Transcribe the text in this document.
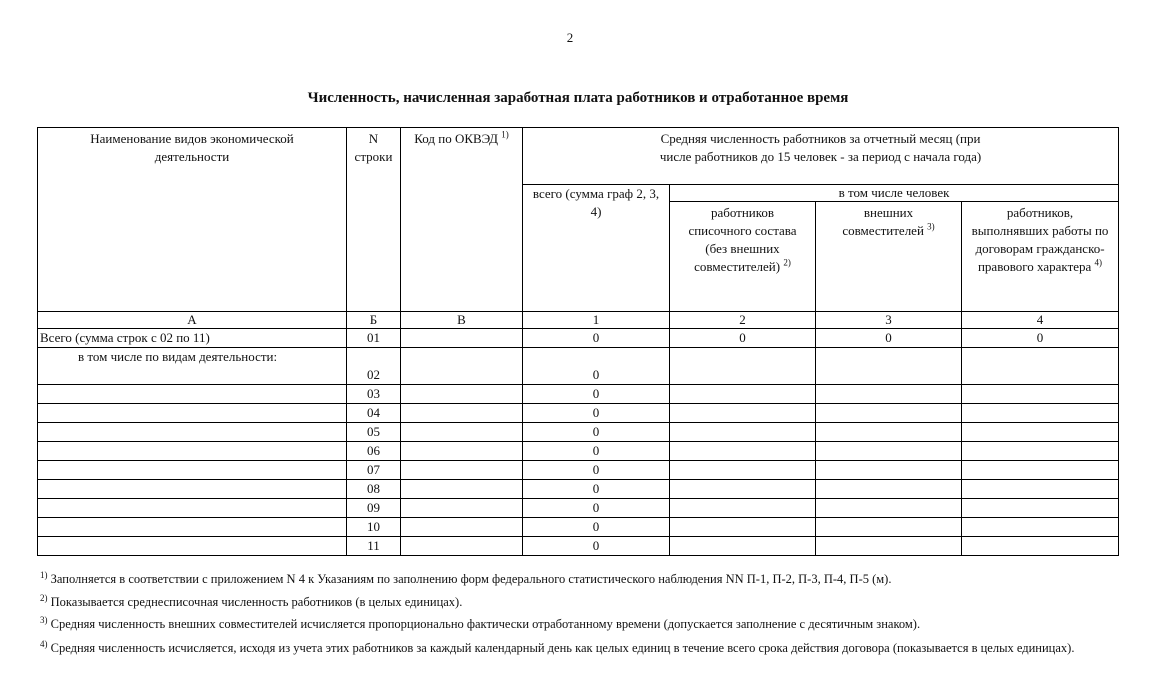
2
Численность, начисленная заработная плата работников и отработанное время
Наименование видов экономической деятельности	N строки	Код по ОКВЭД $^{1)}$	Средняя численность работников за отчетный месяц (при числе работников до 15 человек - за период с начала года)			
			всего (сумма граф 2, 3, 4)	в том числе человек		
				работников списочного состава (без внешних совместителей) $^{2)}$	внешних совместителей $^{3)}$	работников, выполнявших работы по договорам гражданско-правового характера $^{4)}$
А	Б	В	1	2	3	4
Всего (сумма строк с 02 по 11)	01		0	0	0	0
в том числе по видам деятельности:	02		0			
	03		0			
	04		0			
	05		0			
	06		0			
	07		0			
	08		0			
	09		0			
	10		0			
	11		0			
$^{1)}$ Заполняется в соответствии с приложением N 4 к Указаниям по заполнению форм федерального статистического наблюдения NN П-1, П-2, П-3, П-4, П-5 (м).
$^{2)}$ Показывается среднесписочная численность работников (в целых единицах).
$^{3)}$ Средняя численность внешних совместителей исчисляется пропорционально фактически отработанному времени (допускается заполнение с десятичным знаком).
$^{4)}$ Средняя численность исчисляется, исходя из учета этих работников за каждый календарный день как целых единиц в течение всего срока действия договора (показывается в целых единицах).
